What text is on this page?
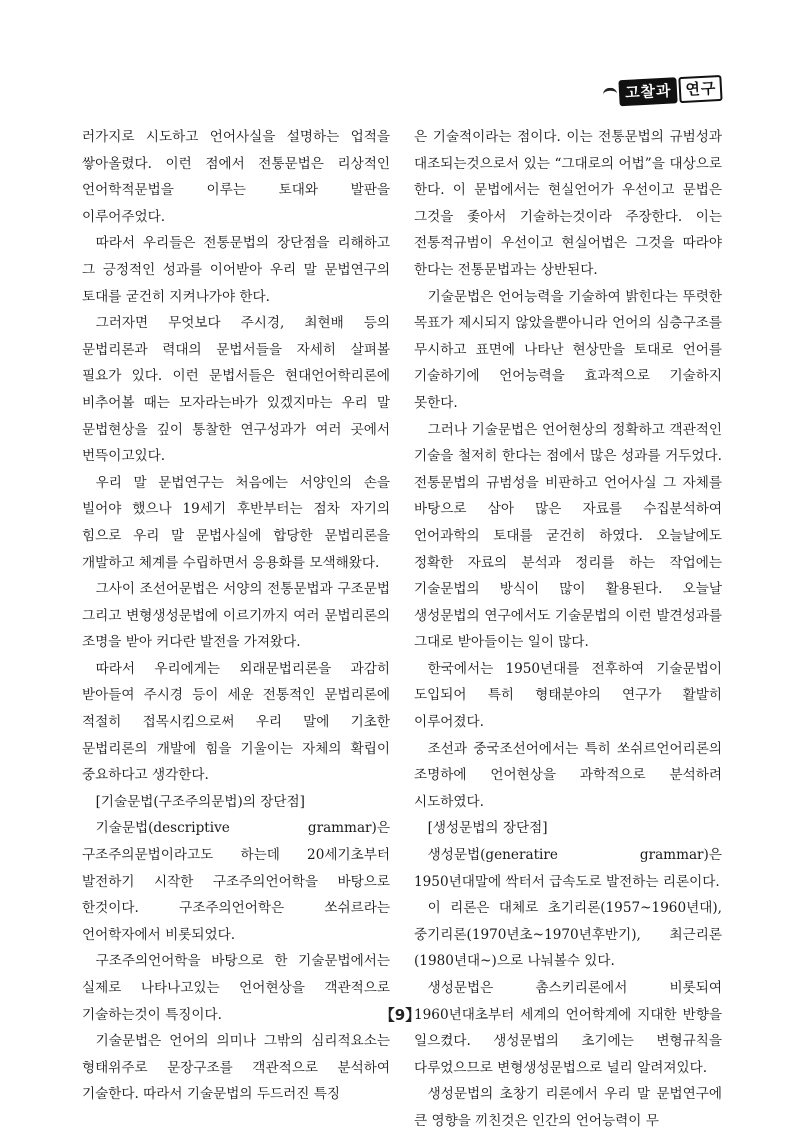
고찰과 연구

러가지로 시도하고 언어사실을 설명하는 업적을 쌓아올렸다. 이런 점에서 전통문법은 리상적인 언어학적문법을 이루는 토대와 발판을 이루어주었다.

따라서 우리들은 전통문법의 장단점을 리해하고 그 긍정적인 성과를 이어받아 우리 말 문법연구의 토대를 굳건히 지켜나가야 한다.

그러자면 무엇보다 주시경, 최현배 등의 문법리론과 력대의 문법서들을 자세히 살펴볼 필요가 있다. 이런 문법서들은 현대언어학리론에 비추어볼 때는 모자라는바가 있겠지마는 우리 말 문법현상을 깊이 통찰한 연구성과가 여러 곳에서 번뜩이고있다.

우리 말 문법연구는 처음에는 서양인의 손을 빌어야 했으나 19세기 후반부터는 점차 자기의 힘으로 우리 말 문법사실에 합당한 문법리론을 개발하고 체계를 수립하면서 응용화를 모색해왔다.

그사이 조선어문법은 서양의 전통문법과 구조문법 그리고 변형생성문법에 이르기까지 여러 문법리론의 조명을 받아 커다란 발전을 가져왔다.

따라서 우리에게는 외래문법리론을 과감히 받아들여 주시경 등이 세운 전통적인 문법리론에 적절히 접목시킴으로써 우리 말에 기초한 문법리론의 개발에 힘을 기울이는 자체의 확립이 중요하다고 생각한다.

[기술문법(구조주의문법)의 장단점]

기술문법(descriptive grammar)은 구조주의문법이라고도 하는데 20세기초부터 발전하기 시작한 구조주의언어학을 바탕으로 한것이다. 구조주의언어학은 쏘쉬르라는 언어학자에서 비롯되었다.

구조주의언어학을 바탕으로 한 기술문법에서는 실제로 나타나고있는 언어현상을 객관적으로 기술하는것이 특징이다.

기술문법은 언어의 의미나 그밖의 심리적요소는 형태위주로 문장구조를 객관적으로 분석하여 기술한다. 따라서 기술문법의 두드러진 특징

은 기술적이라는 점이다. 이는 전통문법의 규범성과 대조되는것으로서 있는 “그대로의 어법”을 대상으로 한다. 이 문법에서는 현실언어가 우선이고 문법은 그것을 좇아서 기술하는것이라 주장한다. 이는 전통적규범이 우선이고 현실어법은 그것을 따라야 한다는 전통문법과는 상반된다.

기술문법은 언어능력을 기술하여 밝힌다는 뚜렷한 목표가 제시되지 않았을뿐아니라 언어의 심층구조를 무시하고 표면에 나타난 현상만을 토대로 언어를 기술하기에 언어능력을 효과적으로 기술하지 못한다.

그러나 기술문법은 언어현상의 정확하고 객관적인 기술을 철저히 한다는 점에서 많은 성과를 거두었다. 전통문법의 규범성을 비판하고 언어사실 그 자체를 바탕으로 삼아 많은 자료를 수집분석하여 언어과학의 토대를 굳건히 하였다. 오늘날에도 정확한 자료의 분석과 정리를 하는 작업에는 기술문법의 방식이 많이 활용된다. 오늘날 생성문법의 연구에서도 기술문법의 이런 발견성과를 그대로 받아들이는 일이 많다.

한국에서는 1950년대를 전후하여 기술문법이 도입되어 특히 형태분야의 연구가 활발히 이루어졌다.

조선과 중국조선어에서는 특히 쏘쉬르언어리론의 조명하에 언어현상을 과학적으로 분석하려 시도하였다.

[생성문법의 장단점]

생성문법(generatire grammar)은 1950년대말에 싹터서 급속도로 발전하는 리론이다.

이 리론은 대체로 초기리론(1957~1960년대), 중기리론(1970년초~1970년후반기), 최근리론(1980년대~)으로 나눠볼수 있다.

생성문법은 촘스키리론에서 비롯되여 1960년대초부터 세계의 언어학계에 지대한 반향을 일으켰다. 생성문법의 초기에는 변형규칙을 다루었으므로 변형생성문법으로 널리 알려져있다.

생성문법의 초창기 리론에서 우리 말 문법연구에 큰 영향을 끼친것은 인간의 언어능력이 무

【9】
